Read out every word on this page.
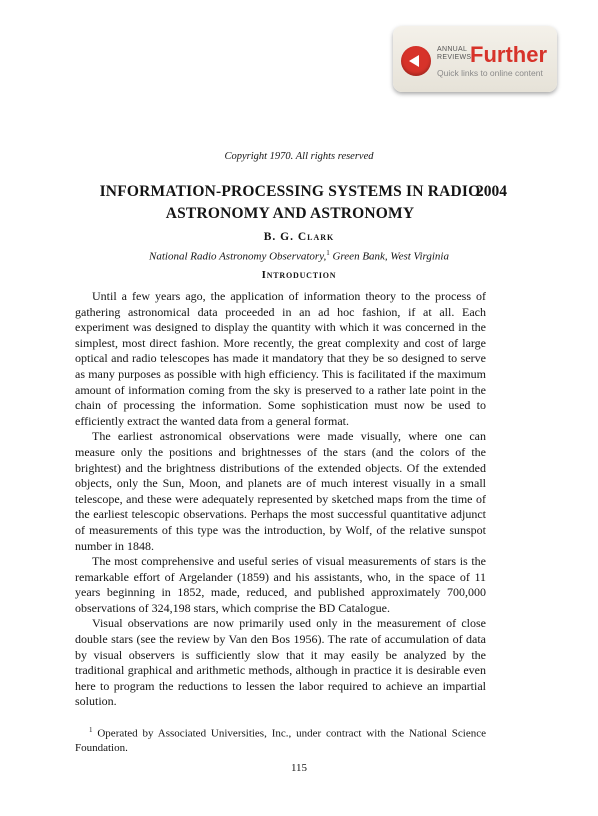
ANNUAL
REVIEWS
Further
Quick links to online content
Copyright 1970. All rights reserved
INFORMATION-PROCESSING SYSTEMS IN RADIO ASTRONOMY AND ASTRONOMY
2004
B. G. Clark
National Radio Astronomy Observatory,$^1$ Green Bank, West Virginia
Introduction

Until a few years ago, the application of information theory to the process of gathering astronomical data proceeded in an ad hoc fashion, if at all. Each experiment was designed to display the quantity with which it was concerned in the simplest, most direct fashion. More recently, the great complexity and cost of large optical and radio telescopes has made it mandatory that they be so designed to serve as many purposes as possible with high efficiency. This is facilitated if the maximum amount of information coming from the sky is preserved to a rather late point in the chain of processing the information. Some sophistication must now be used to efficiently extract the wanted data from a general format.

The earliest astronomical observations were made visually, where one can measure only the positions and brightnesses of the stars (and the colors of the brightest) and the brightness distributions of the extended objects. Of the extended objects, only the Sun, Moon, and planets are of much interest visually in a small telescope, and these were adequately represented by sketched maps from the time of the earliest telescopic observations. Perhaps the most successful quantitative adjunct of measurements of this type was the introduction, by Wolf, of the relative sunspot number in 1848.

The most comprehensive and useful series of visual measurements of stars is the remarkable effort of Argelander (1859) and his assistants, who, in the space of 11 years beginning in 1852, made, reduced, and published approximately 700,000 observations of 324,198 stars, which comprise the BD Catalogue.

Visual observations are now primarily used only in the measurement of close double stars (see the review by Van den Bos 1956). The rate of accumulation of data by visual observers is sufficiently slow that it may easily be analyzed by the traditional graphical and arithmetic methods, although in practice it is desirable even here to program the reductions to lessen the labor required to achieve an impartial solution.

$^1$ Operated by Associated Universities, Inc., under contract with the National Science Foundation.
115
